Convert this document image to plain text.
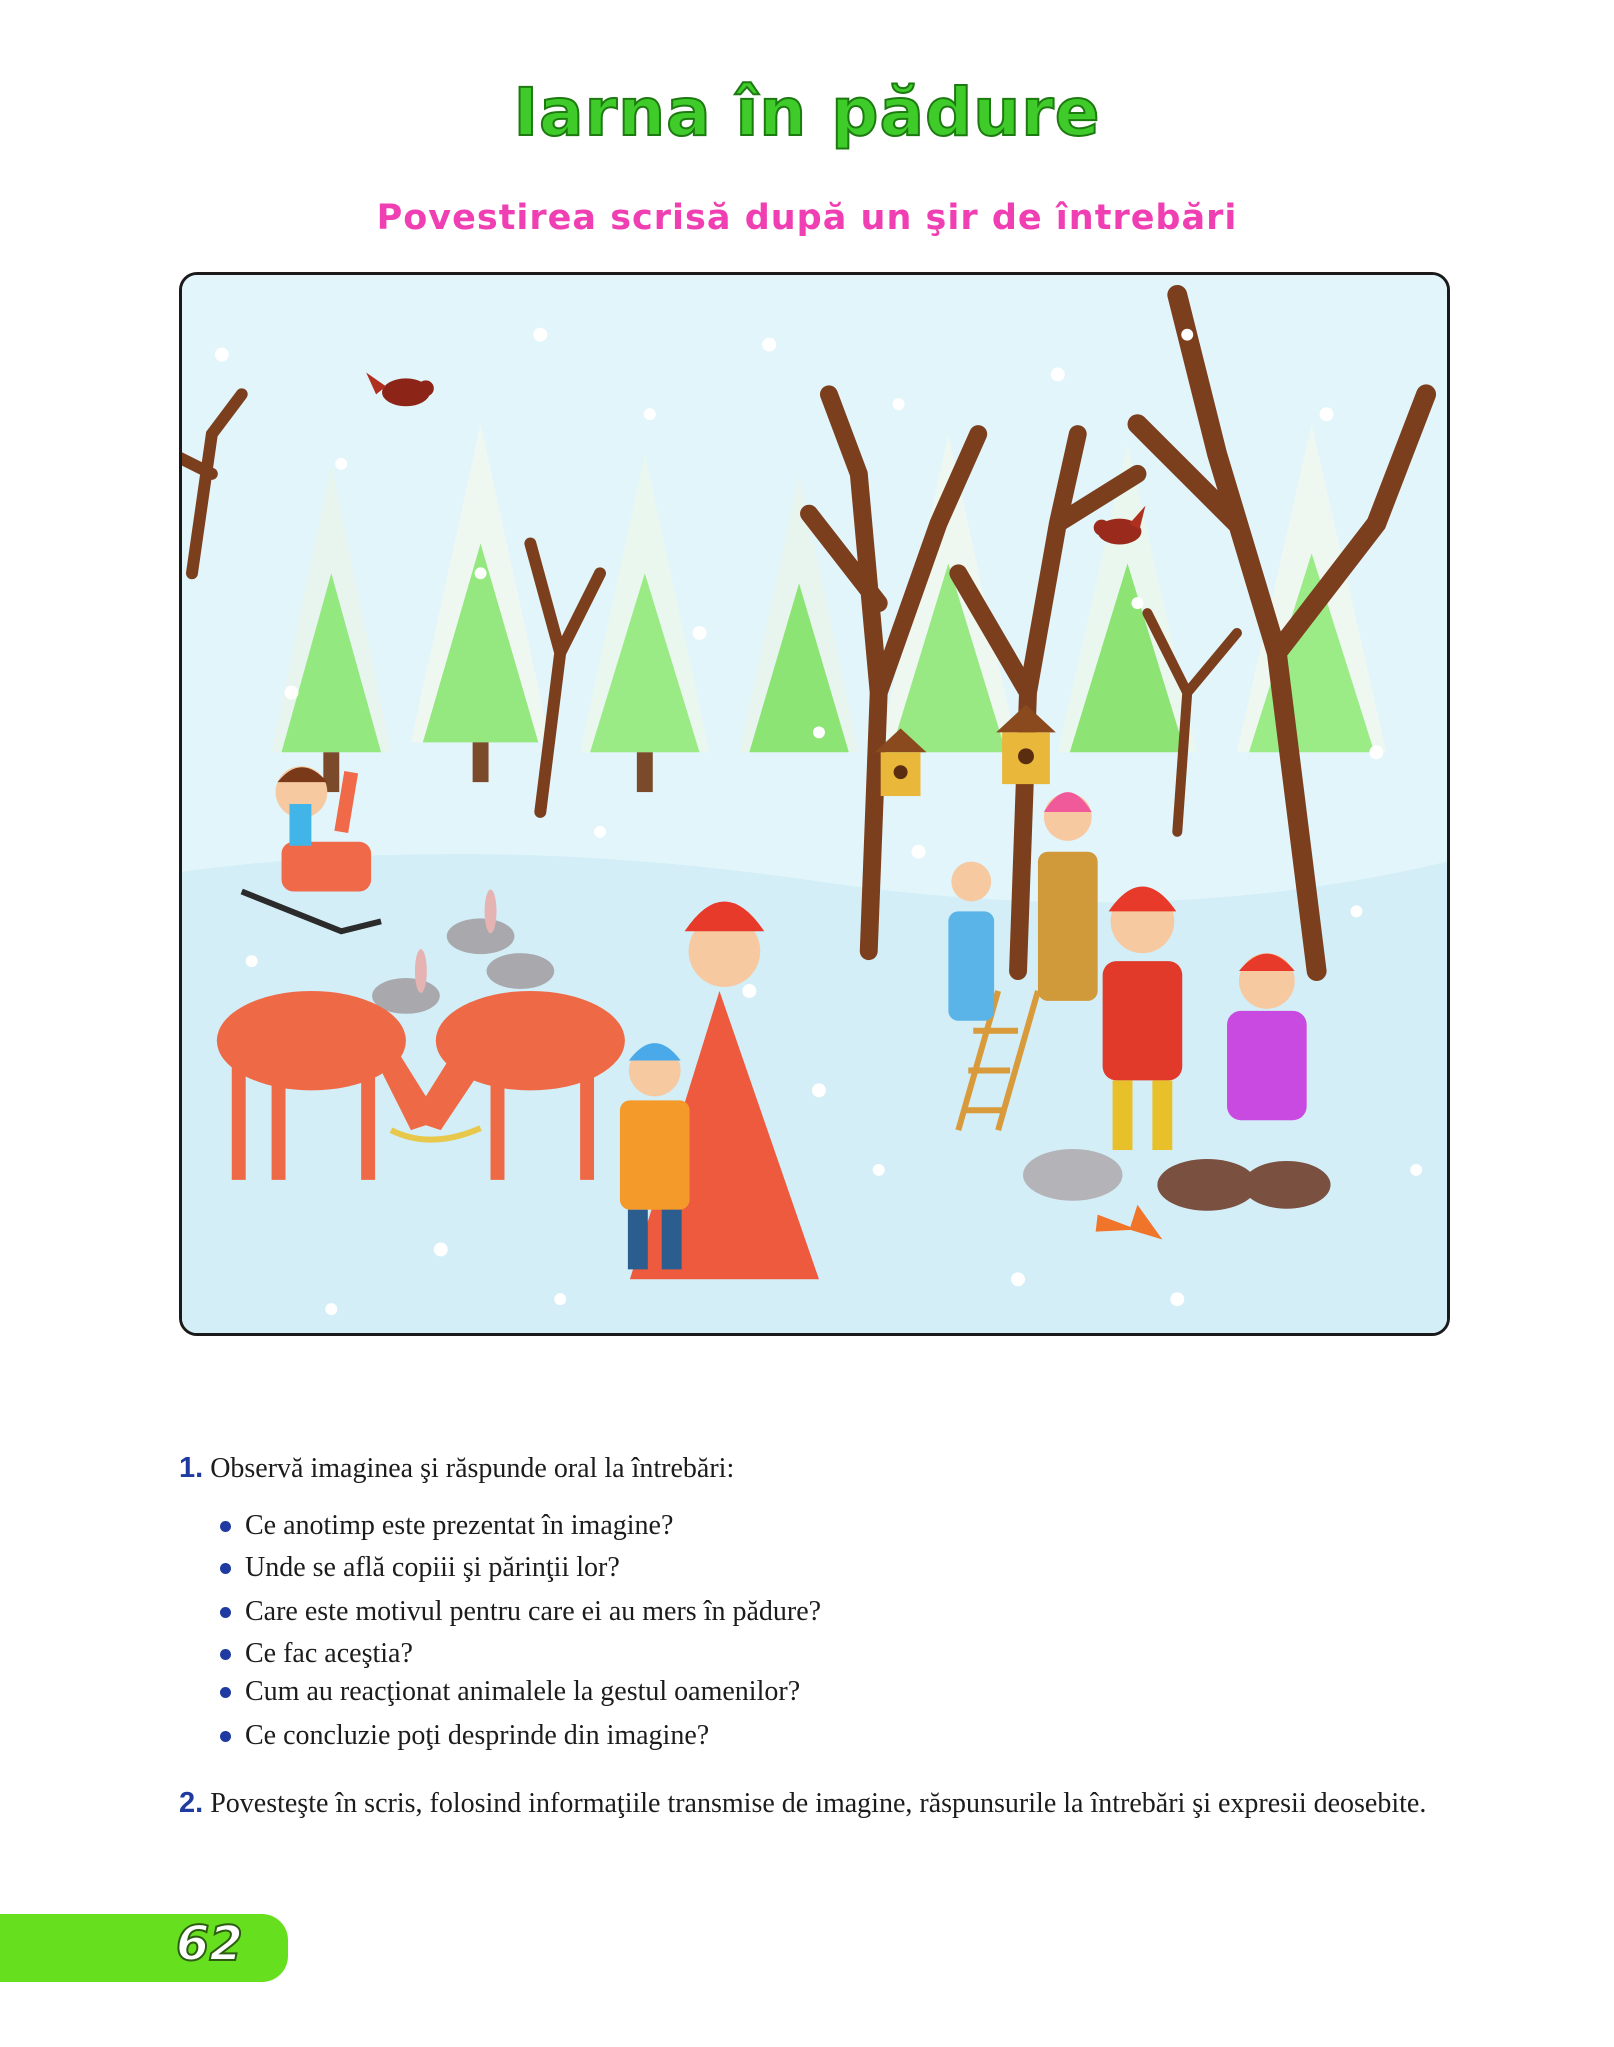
Iarna în pădure
Povestirea scrisă după un şir de întrebări
1. Observă imaginea şi răspunde oral la întrebări:
Ce anotimp este prezentat în imagine?
Unde se află copiii şi părinţii lor?
Care este motivul pentru care ei au mers în pădure?
Ce fac aceştia?
Cum au reacţionat animalele la gestul oamenilor?
Ce concluzie poţi desprinde din imagine?
2. Povesteşte în scris, folosind informaţiile transmise de imagine, răspunsurile la întrebări şi expresii deosebite.
62
